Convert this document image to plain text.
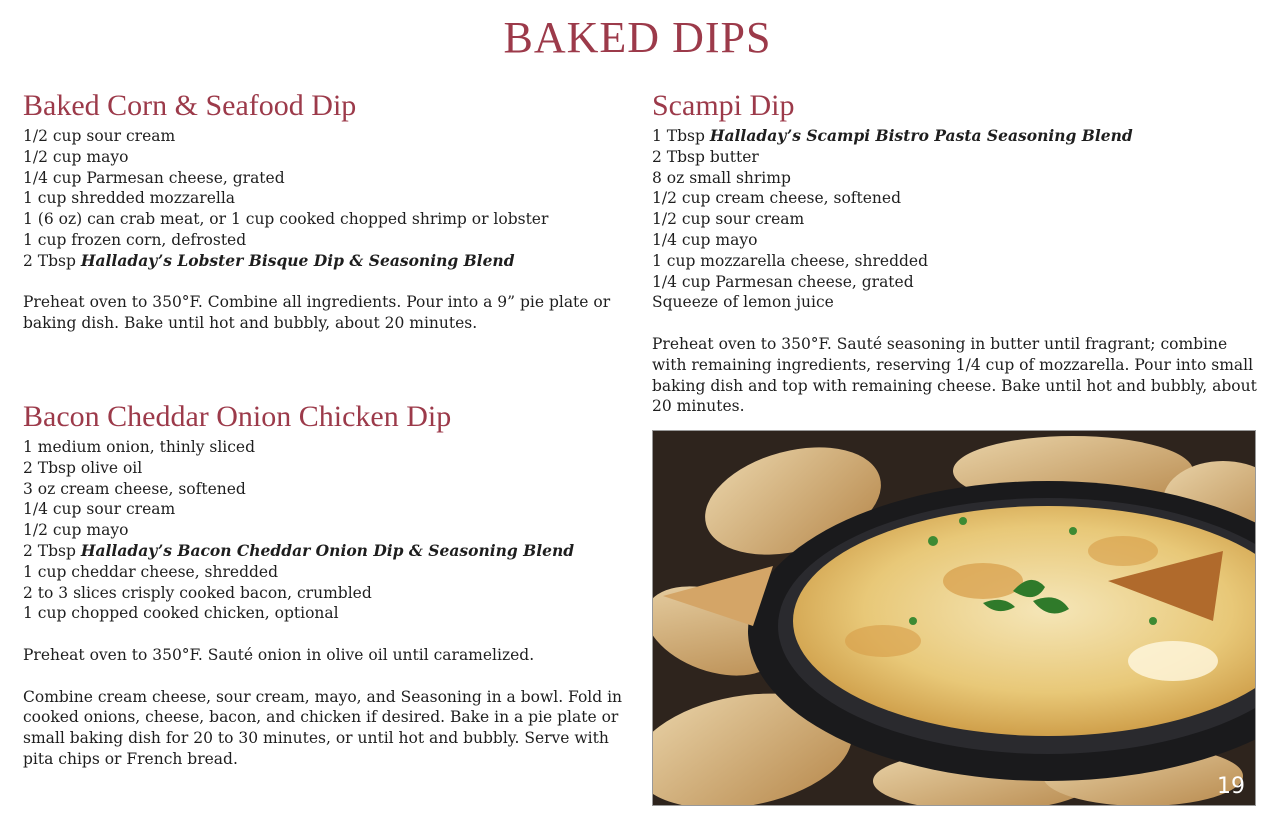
BAKED DIPS
Baked Corn & Seafood Dip
1/2 cup sour cream
1/2 cup mayo
1/4 cup Parmesan cheese, grated
1 cup shredded mozzarella
1 (6 oz) can crab meat, or 1 cup cooked chopped shrimp or lobster
1 cup frozen corn, defrosted
2 Tbsp Halladay’s Lobster Bisque Dip & Seasoning Blend

Preheat oven to 350°F. Combine all ingredients. Pour into a 9” pie plate or baking dish. Bake until hot and bubbly, about 20 minutes.

Bacon Cheddar Onion Chicken Dip
1 medium onion, thinly sliced
2 Tbsp olive oil
3 oz cream cheese, softened
1/4 cup sour cream
1/2 cup mayo
2 Tbsp Halladay’s Bacon Cheddar Onion Dip & Seasoning Blend
1 cup cheddar cheese, shredded
2 to 3 slices crisply cooked bacon, crumbled
1 cup chopped cooked chicken, optional

Preheat oven to 350°F. Sauté onion in olive oil until caramelized.

Combine cream cheese, sour cream, mayo, and Seasoning in a bowl. Fold in cooked onions, cheese, bacon, and chicken if desired. Bake in a pie plate or small baking dish for 20 to 30 minutes, or until hot and bubbly. Serve with pita chips or French bread.

Scampi Dip
1 Tbsp Halladay’s Scampi Bistro Pasta Seasoning Blend
2 Tbsp butter
8 oz small shrimp
1/2 cup cream cheese, softened
1/2 cup sour cream
1/4 cup mayo
1 cup mozzarella cheese, shredded
1/4 cup Parmesan cheese, grated
Squeeze of lemon juice

Preheat oven to 350°F. Sauté seasoning in butter until fragrant; combine with remaining ingredients, reserving 1/4 cup of mozzarella. Pour into small baking dish and top with remaining cheese. Bake until hot and bubbly, about 20 minutes.

19
